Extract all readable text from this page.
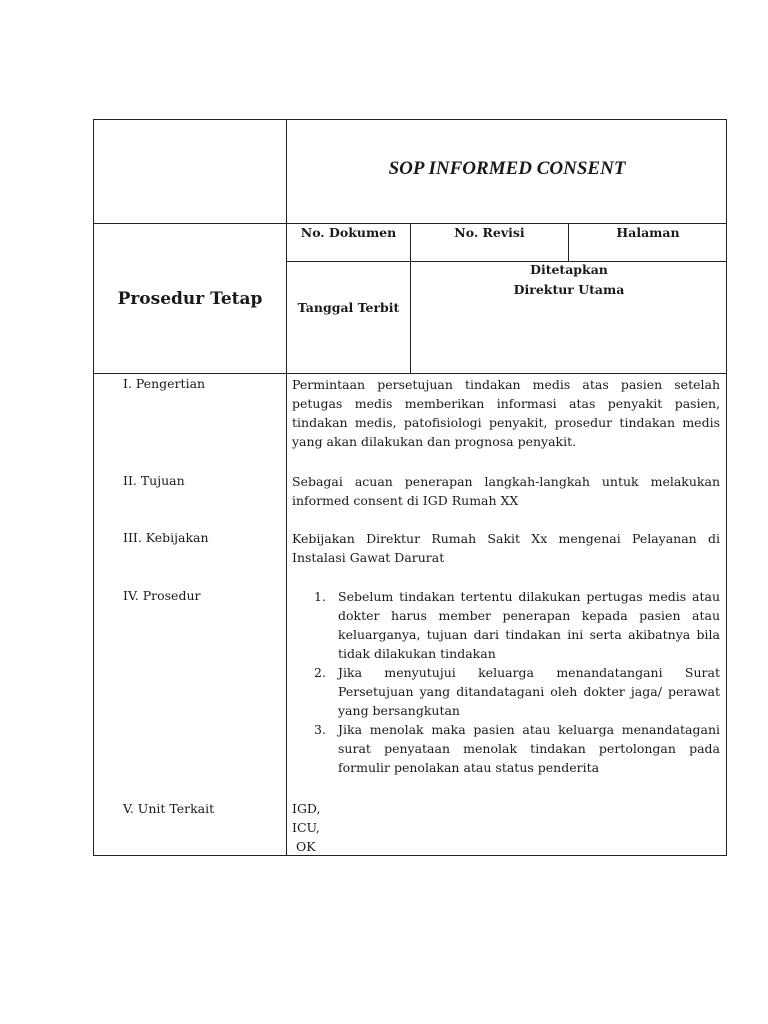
SOP INFORMED CONSENT
Prosedur Tetap
No. Dokumen	No. Revisi	Halaman
Tanggal Terbit
Ditetapkan
Direktur Utama
I. Pengertian
II. Tujuan
III. Kebijakan
IV. Prosedur
V. Unit Terkait
Permintaan persetujuan tindakan medis atas pasien setelah petugas medis memberikan informasi atas penyakit pasien, tindakan medis, patofisiologi penyakit, prosedur tindakan medis yang akan dilakukan dan prognosa penyakit.
Sebagai acuan penerapan langkah-langkah untuk melakukan informed consent di IGD Rumah XX
Kebijakan Direktur Rumah Sakit Xx mengenai Pelayanan di Instalasi Gawat Darurat
1. Sebelum tindakan tertentu dilakukan pertugas medis atau dokter harus member penerapan kepada pasien atau keluarganya, tujuan dari tindakan ini serta akibatnya bila tidak dilakukan tindakan
2. Jika menyutujui keluarga menandatangani Surat Persetujuan yang ditandatagani oleh dokter jaga/ perawat yang bersangkutan
3. Jika menolak maka pasien atau keluarga menandatagani surat penyataan menolak tindakan pertolongan pada formulir penolakan atau status penderita
IGD,
ICU,
OK
